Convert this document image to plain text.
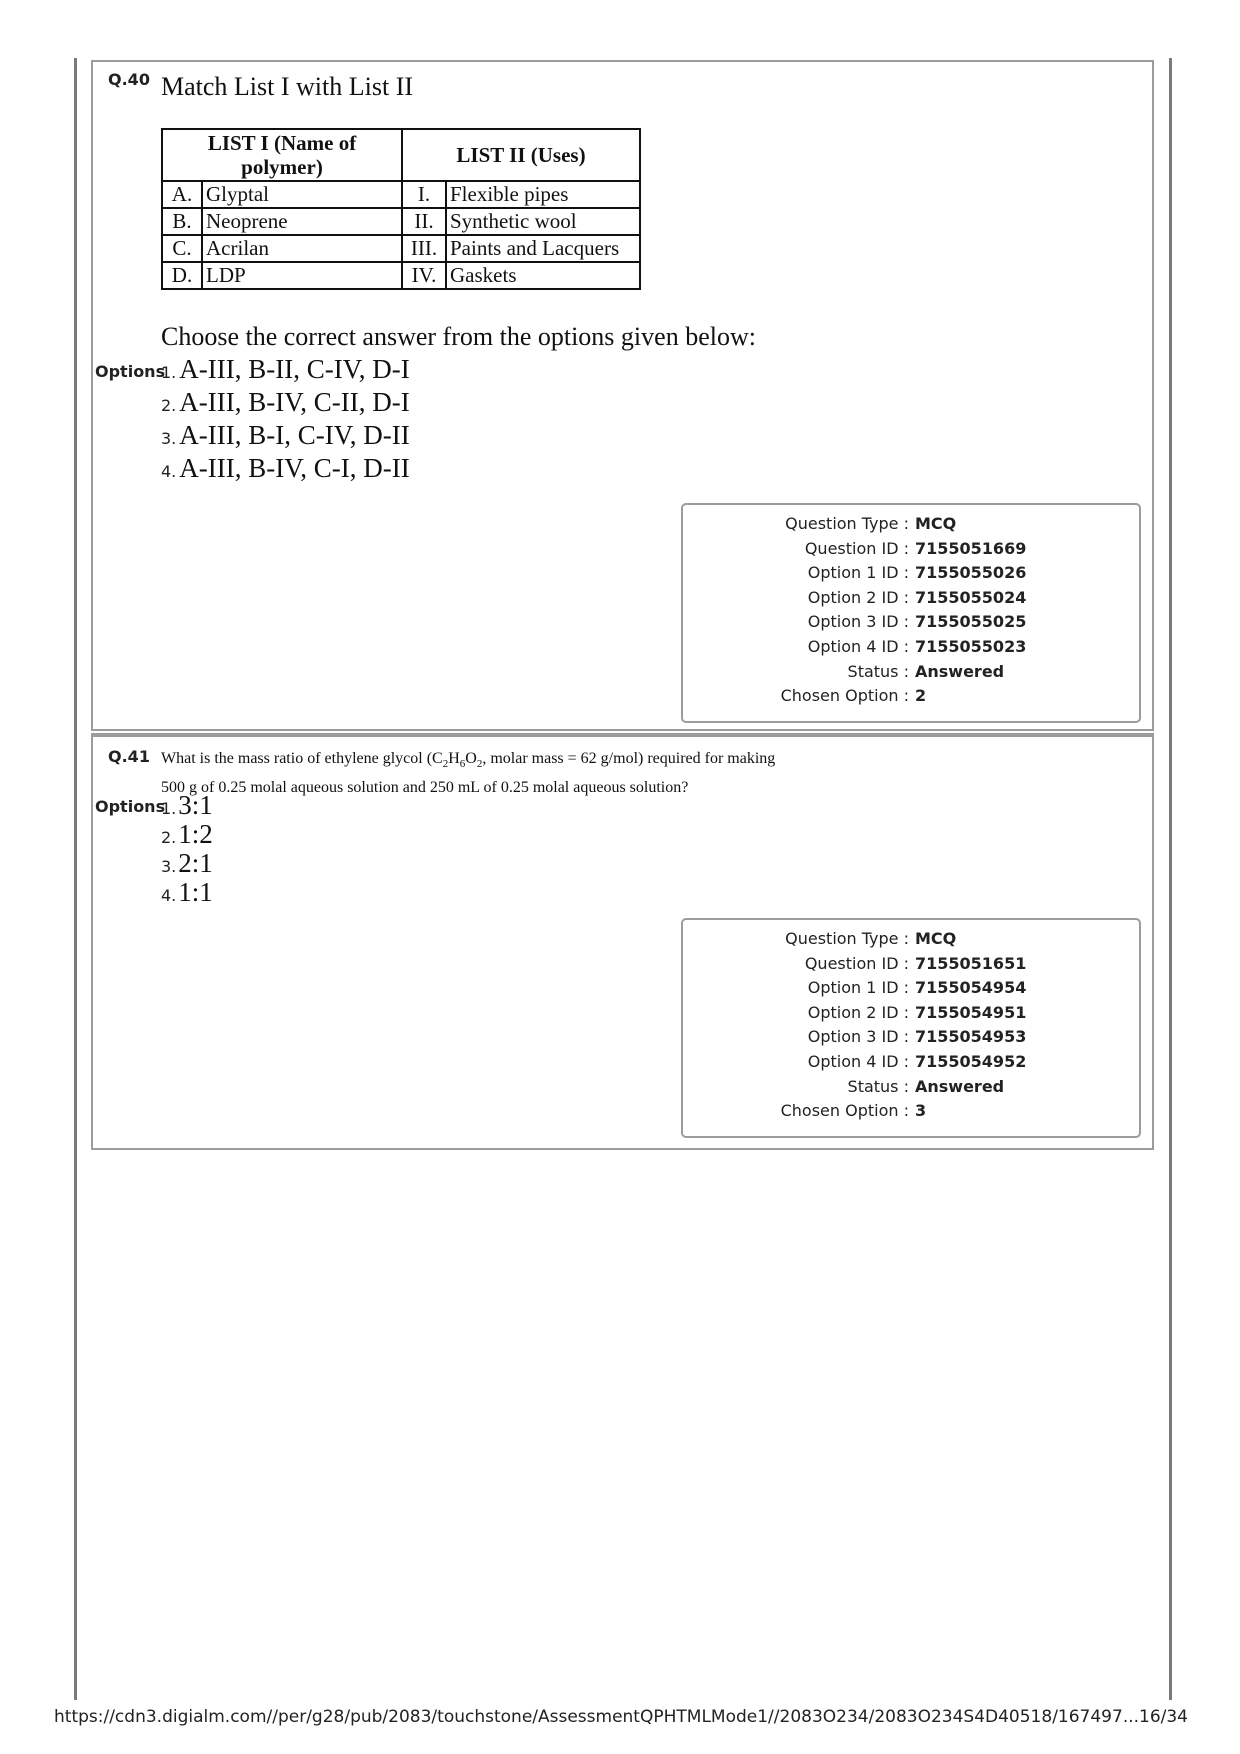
Q.40 Match List I with List II
LIST I (Name of polymer)		LIST II (Uses)	
A.	Glyptal	I.	Flexible pipes
B.	Neoprene	II.	Synthetic wool
C.	Acrilan	III.	Paints and Lacquers
D.	LDP	IV.	Gaskets
Choose the correct answer from the options given below:
Options
1. A-III, B-II, C-IV, D-I
2. A-III, B-IV, C-II, D-I
3. A-III, B-I, C-IV, D-II
4. A-III, B-IV, C-I, D-II
Question Type : MCQ
Question ID : 7155051669
Option 1 ID : 7155055026
Option 2 ID : 7155055024
Option 3 ID : 7155055025
Option 4 ID : 7155055023
Status : Answered
Chosen Option : 2
Q.41 What is the mass ratio of ethylene glycol ($C_2H_6O_2$, molar mass = 62 g/mol) required for making
500 g of 0.25 molal aqueous solution and 250 mL of 0.25 molal aqueous solution?
Options
1.3:1
2.1:2
3.2:1
4.1:1
Question Type : MCQ
Question ID : 7155051651
Option 1 ID : 7155054954
Option 2 ID : 7155054951
Option 3 ID : 7155054953
Option 4 ID : 7155054952
Status : Answered
Chosen Option : 3
https://cdn3.digialm.com//per/g28/pub/2083/touchstone/AssessmentQPHTMLMode1//2083O234/2083O234S4D40518/167497... 16/34
